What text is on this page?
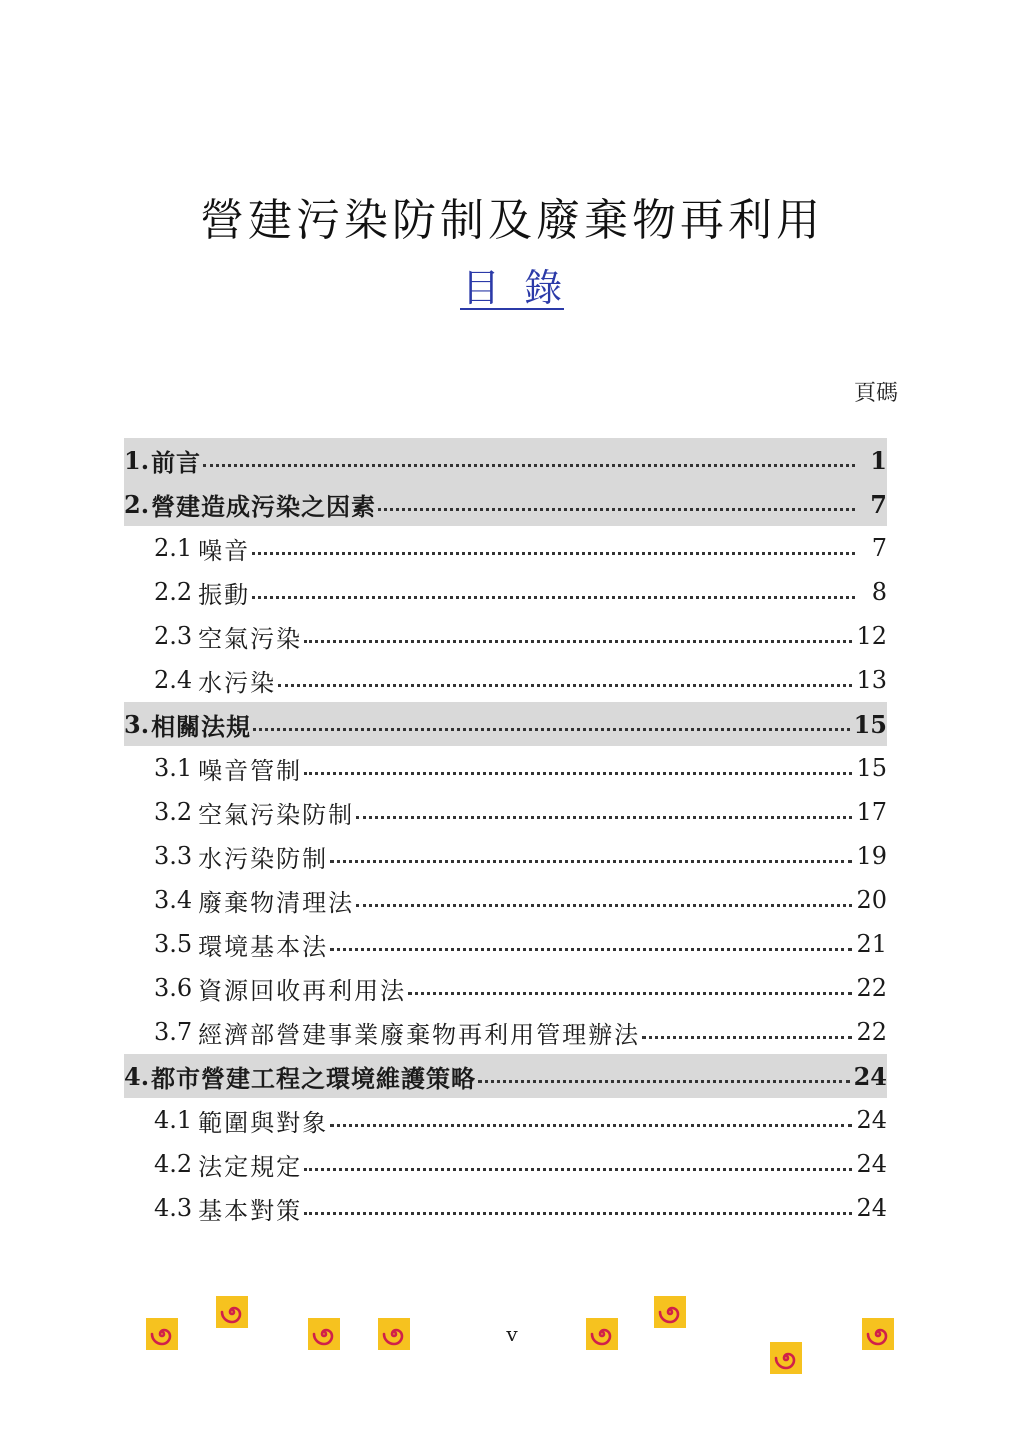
營建污染防制及廢棄物再利用
目  錄
頁碼
1. 前言	1
2. 營建造成污染之因素	7
2.1 噪音	7
2.2 振動	8
2.3 空氣污染	12
2.4 水污染	13
3. 相關法規	15
3.1 噪音管制	15
3.2 空氣污染防制	17
3.3 水污染防制	19
3.4 廢棄物清理法	20
3.5 環境基本法	21
3.6 資源回收再利用法	22
3.7 經濟部營建事業廢棄物再利用管理辦法	22
4. 都市營建工程之環境維護策略	24
4.1 範圍與對象	24
4.2 法定規定	24
4.3 基本對策	24
v
